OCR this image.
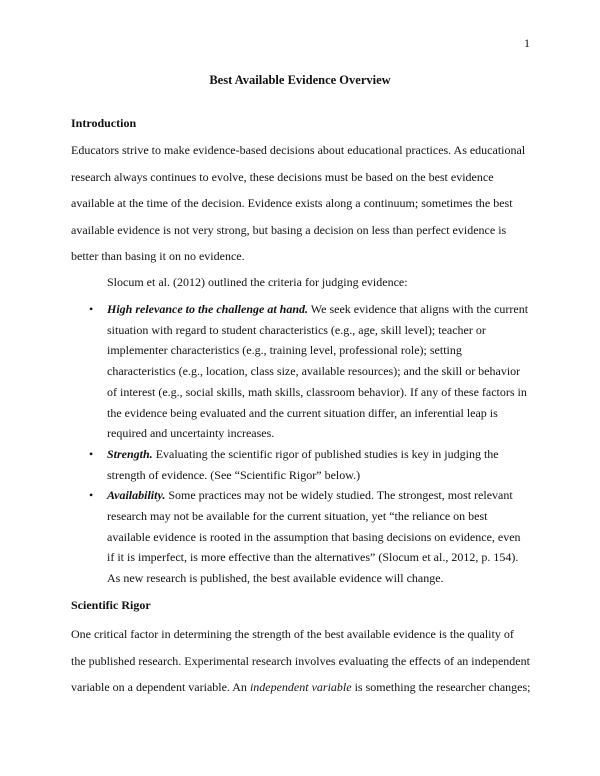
1
Best Available Evidence Overview
Introduction

Educators strive to make evidence-based decisions about educational practices. As educational research always continues to evolve, these decisions must be based on the best evidence available at the time of the decision. Evidence exists along a continuum; sometimes the best available evidence is not very strong, but basing a decision on less than perfect evidence is better than basing it on no evidence.

Slocum et al. (2012) outlined the criteria for judging evidence:

• High relevance to the challenge at hand. We seek evidence that aligns with the current situation with regard to student characteristics (e.g., age, skill level); teacher or implementer characteristics (e.g., training level, professional role); setting characteristics (e.g., location, class size, available resources); and the skill or behavior of interest (e.g., social skills, math skills, classroom behavior). If any of these factors in the evidence being evaluated and the current situation differ, an inferential leap is required and uncertainty increases.
• Strength. Evaluating the scientific rigor of published studies is key in judging the strength of evidence. (See “Scientific Rigor” below.)
• Availability. Some practices may not be widely studied. The strongest, most relevant research may not be available for the current situation, yet “the reliance on best available evidence is rooted in the assumption that basing decisions on evidence, even if it is imperfect, is more effective than the alternatives” (Slocum et al., 2012, p. 154). As new research is published, the best available evidence will change.
Scientific Rigor

One critical factor in determining the strength of the best available evidence is the quality of the published research. Experimental research involves evaluating the effects of an independent variable on a dependent variable. An independent variable is something the researcher changes;
